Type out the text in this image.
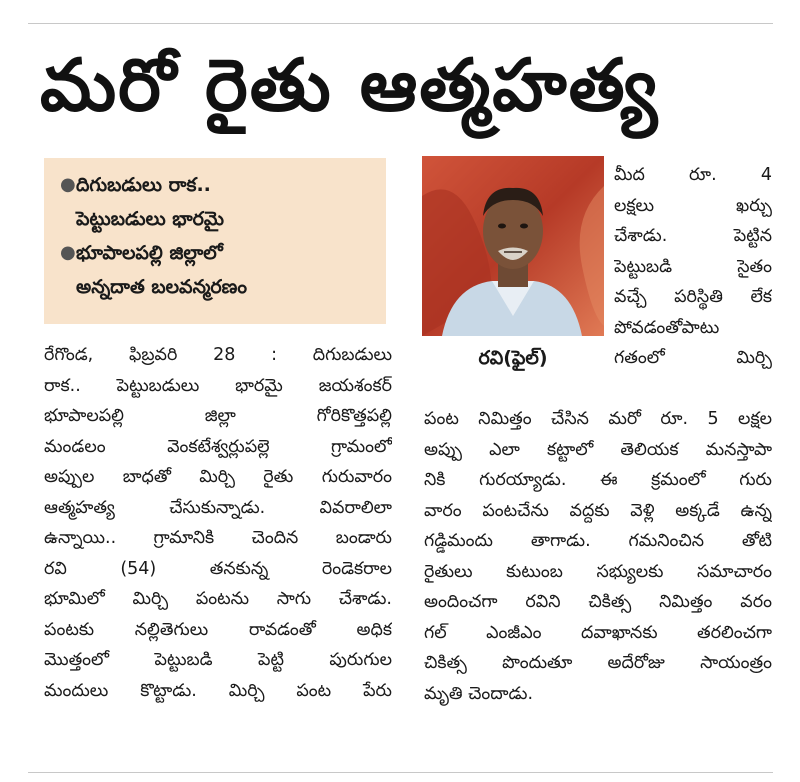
మరో రైతు ఆత్మహత్య
● దిగుబడులు రాక..
పెట్టుబడులు భారమై
● భూపాలపల్లి జిల్లాలో
అన్నదాత బలవన్మరణం
రవి(ఫైల్)
మీద రూ. 4
లక్షలు ఖర్చు
చేశాడు. పెట్టిన
పెట్టుబడి సైతం
వచ్చే పరిస్థితి లేక
పోవడంతోపాటు
గతంలో మిర్చి
రేగొండ, ఫిబ్రవరి 28 : దిగుబడులు
రాక.. పెట్టుబడులు భారమై జయశంకర్
భూపాలపల్లి జిల్లా గోరికొత్తపల్లి
మండలం వెంకటేశ్వర్లుపల్లె గ్రామంలో
అప్పుల బాధతో మిర్చి రైతు గురువారం
ఆత్మహత్య చేసుకున్నాడు. వివరాలిలా
ఉన్నాయి.. గ్రామానికి చెందిన బండారు
రవి (54) తనకున్న రెండెకరాల
భూమిలో మిర్చి పంటను సాగు చేశాడు.
పంటకు నల్లితెగులు రావడంతో అధిక
మొత్తంలో పెట్టుబడి పెట్టి పురుగుల
మందులు కొట్టాడు. మిర్చి పంట పేరు
పంట నిమిత్తం చేసిన మరో రూ. 5 లక్షల
అప్పు ఎలా కట్టాలో తెలియక మనస్తాపా
నికి గురయ్యాడు. ఈ క్రమంలో గురు
వారం పంటచేను వద్దకు వెళ్లి అక్కడే ఉన్న
గడ్డిమందు తాగాడు. గమనించిన తోటి
రైతులు కుటుంబ సభ్యులకు సమాచారం
అందించగా రవిని చికిత్స నిమిత్తం వరం
గల్ ఎంజీఎం దవాఖానకు తరలించగా
చికిత్స పొందుతూ అదేరోజు సాయంత్రం
మృతి చెందాడు.
